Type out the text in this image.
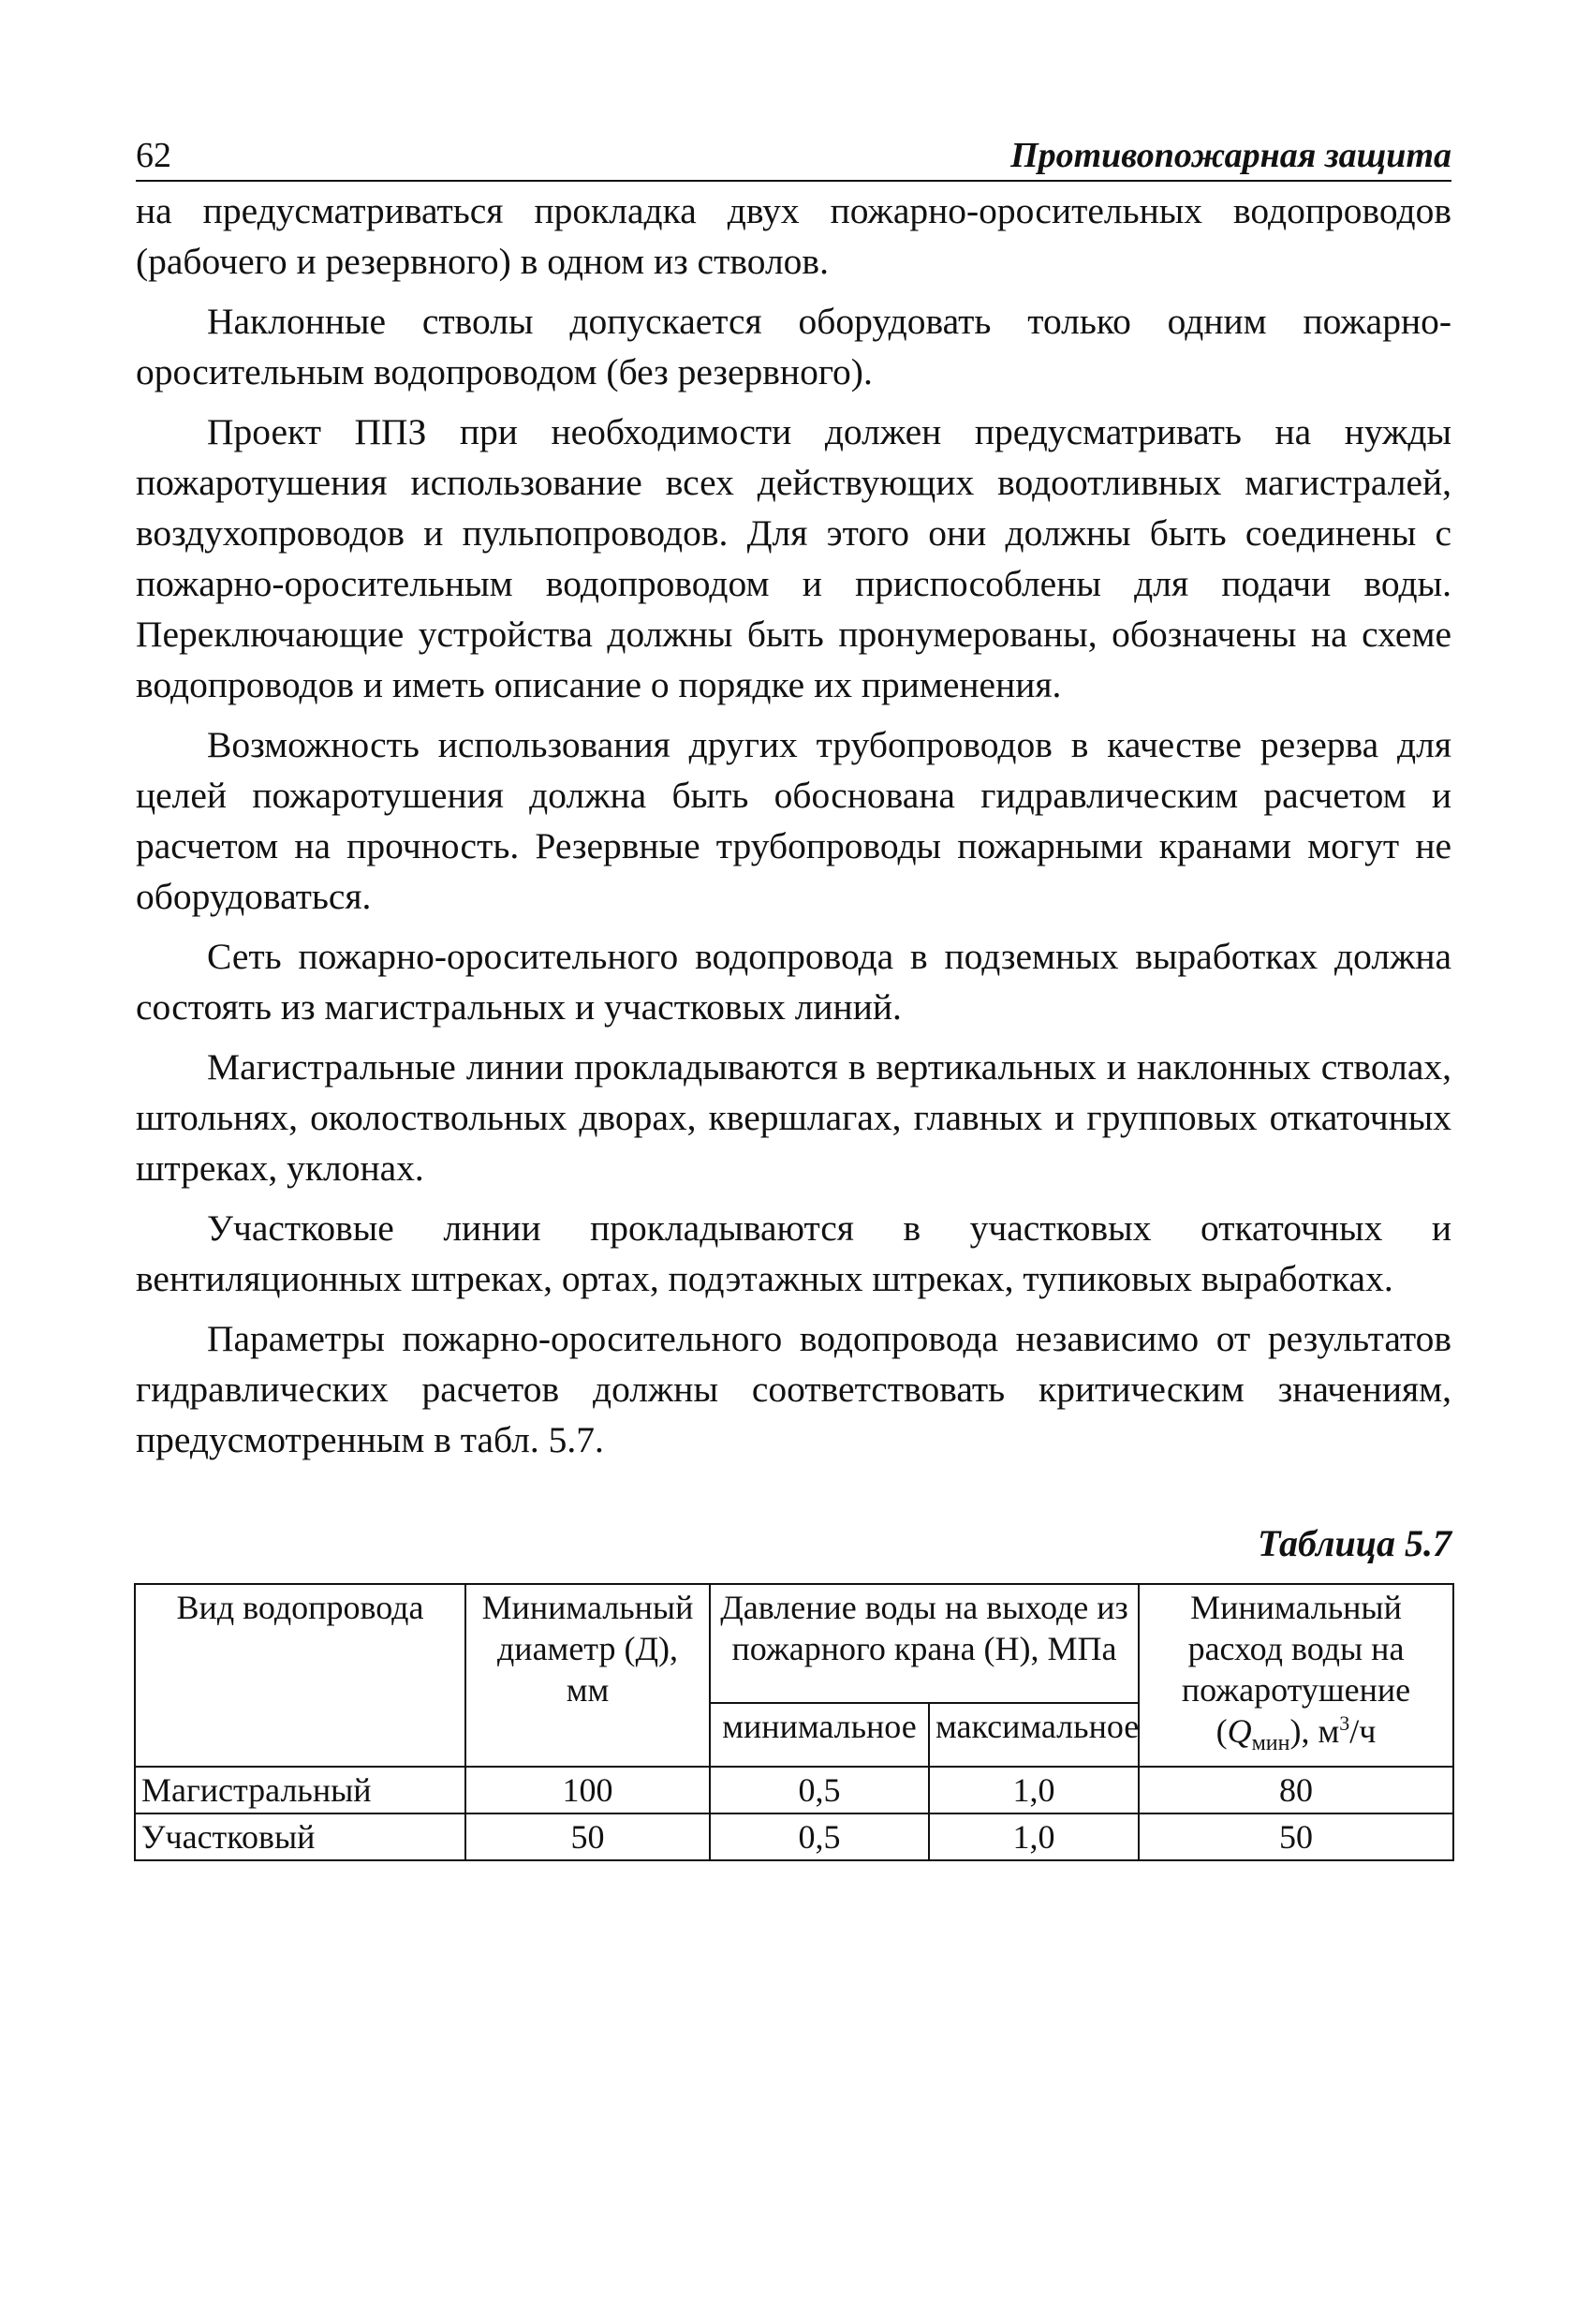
62	Противопожарная защита

на предусматриваться прокладка двух пожарно-оросительных водопроводов (рабочего и резервного) в одном из стволов.

Наклонные стволы допускается оборудовать только одним пожарно-оросительным водопроводом (без резервного).

Проект ППЗ при необходимости должен предусматривать на нужды пожаротушения использование всех действующих водоотливных магистралей, воздухопроводов и пульпопроводов. Для этого они должны быть соединены с пожарно-оросительным водопроводом и приспособлены для подачи воды. Переключающие устройства должны быть пронумерованы, обозначены на схеме водопроводов и иметь описание о порядке их применения.

Возможность использования других трубопроводов в качестве резерва для целей пожаротушения должна быть обоснована гидравлическим расчетом и расчетом на прочность. Резервные трубопроводы пожарными кранами могут не оборудоваться.

Сеть пожарно-оросительного водопровода в подземных выработках должна состоять из магистральных и участковых линий.

Магистральные линии прокладываются в вертикальных и наклонных стволах, штольнях, околоствольных дворах, квершлагах, главных и групповых откаточных штреках, уклонах.

Участковые линии прокладываются в участковых откаточных и вентиляционных штреках, ортах, подэтажных штреках, тупиковых выработках.

Параметры пожарно-оросительного водопровода независимо от результатов гидравлических расчетов должны соответствовать критическим значениям, предусмотренным в табл. 5.7.

Таблица 5.7
Вид водопровода	Минимальный диаметр (Д), мм	Давление воды на выходе из пожарного крана (Н), МПа		Минимальный расход воды на пожаротушение $(Q_{мин})$, $м^3/ч$
		минимальное	максимальное	
Магистральный	100	0,5	1,0	80
Участковый	50	0,5	1,0	50
